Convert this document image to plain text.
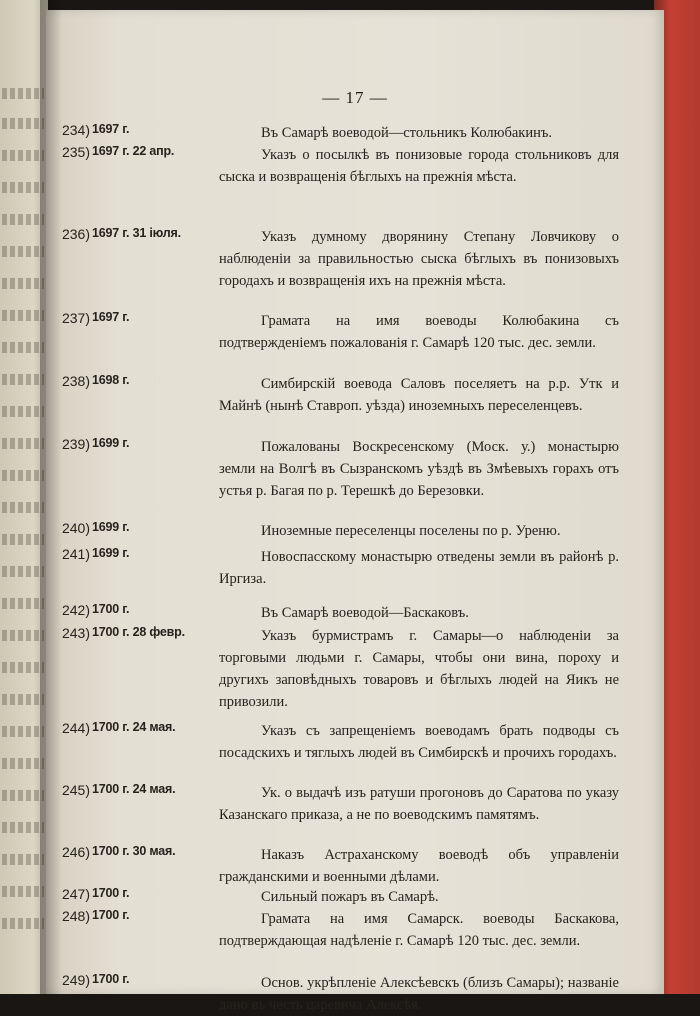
— 17 —
234) 1697 г.	Въ Самарѣ воеводой—стольникъ Колюбакинъ.
235) 1697 г. 22 апр.	Указъ о посылкѣ въ понизовые города стольниковъ для сыска и возвращенія бѣглыхъ на прежнія мѣста.
236) 1697 г. 31 іюля.	Указъ думному дворянину Степану Ловчикову о наблюденіи за правильностью сыска бѣглыхъ въ понизовыхъ городахъ и возвращенія ихъ на прежнія мѣста.
237) 1697 г.	Грамата на имя воеводы Колюбакина съ подтвержденіемъ пожалованія г. Самарѣ 120 тыс. дес. земли.
238) 1698 г.	Симбирскій воевода Саловъ поселяетъ на р.р. Утк и Майнѣ (нынѣ Ставроп. уѣзда) иноземныхъ переселенцевъ.
239) 1699 г.	Пожалованы Воскресенскому (Моск. у.) монастырю земли на Волгѣ въ Сызранскомъ уѣздѣ въ Змѣевыхъ горахъ отъ устья р. Багая по р. Терешкѣ до Березовки.
240) 1699 г.	Иноземные переселенцы поселены по р. Уреню.
241) 1699 г.	Новоспасскому монастырю отведены земли въ районѣ р. Иргиза.
242) 1700 г.	Въ Самарѣ воеводой—Баскаковъ.
243) 1700 г. 28 февр.	Указъ бурмистрамъ г. Самары—о наблюденіи за торговыми людьми г. Самары, чтобы они вина, пороху и другихъ заповѣдныхъ товаровъ и бѣглыхъ людей на Яикъ не привозили.
244) 1700 г. 24 мая.	Указъ съ запрещеніемъ воеводамъ брать подводы съ посадскихъ и тяглыхъ людей въ Симбирскѣ и прочихъ городахъ.
245) 1700 г. 24 мая.	Ук. о выдачѣ изъ ратуши прогоновъ до Саратова по указу Казанскаго приказа, а не по воеводскимъ памятямъ.
246) 1700 г. 30 мая.	Наказъ Астраханскому воеводѣ объ управленіи гражданскими и военными дѣлами.
247) 1700 г.	Сильный пожаръ въ Самарѣ.
248) 1700 г.	Грамата на имя Самарск. воеводы Баскакова, подтверждающая надѣленіе г. Самарѣ 120 тыс. дес. земли.
249) 1700 г.	Основ. укрѣпленіе Алексѣевскъ (близъ Самары); названіе дано въ честь царевича Алексѣя.
